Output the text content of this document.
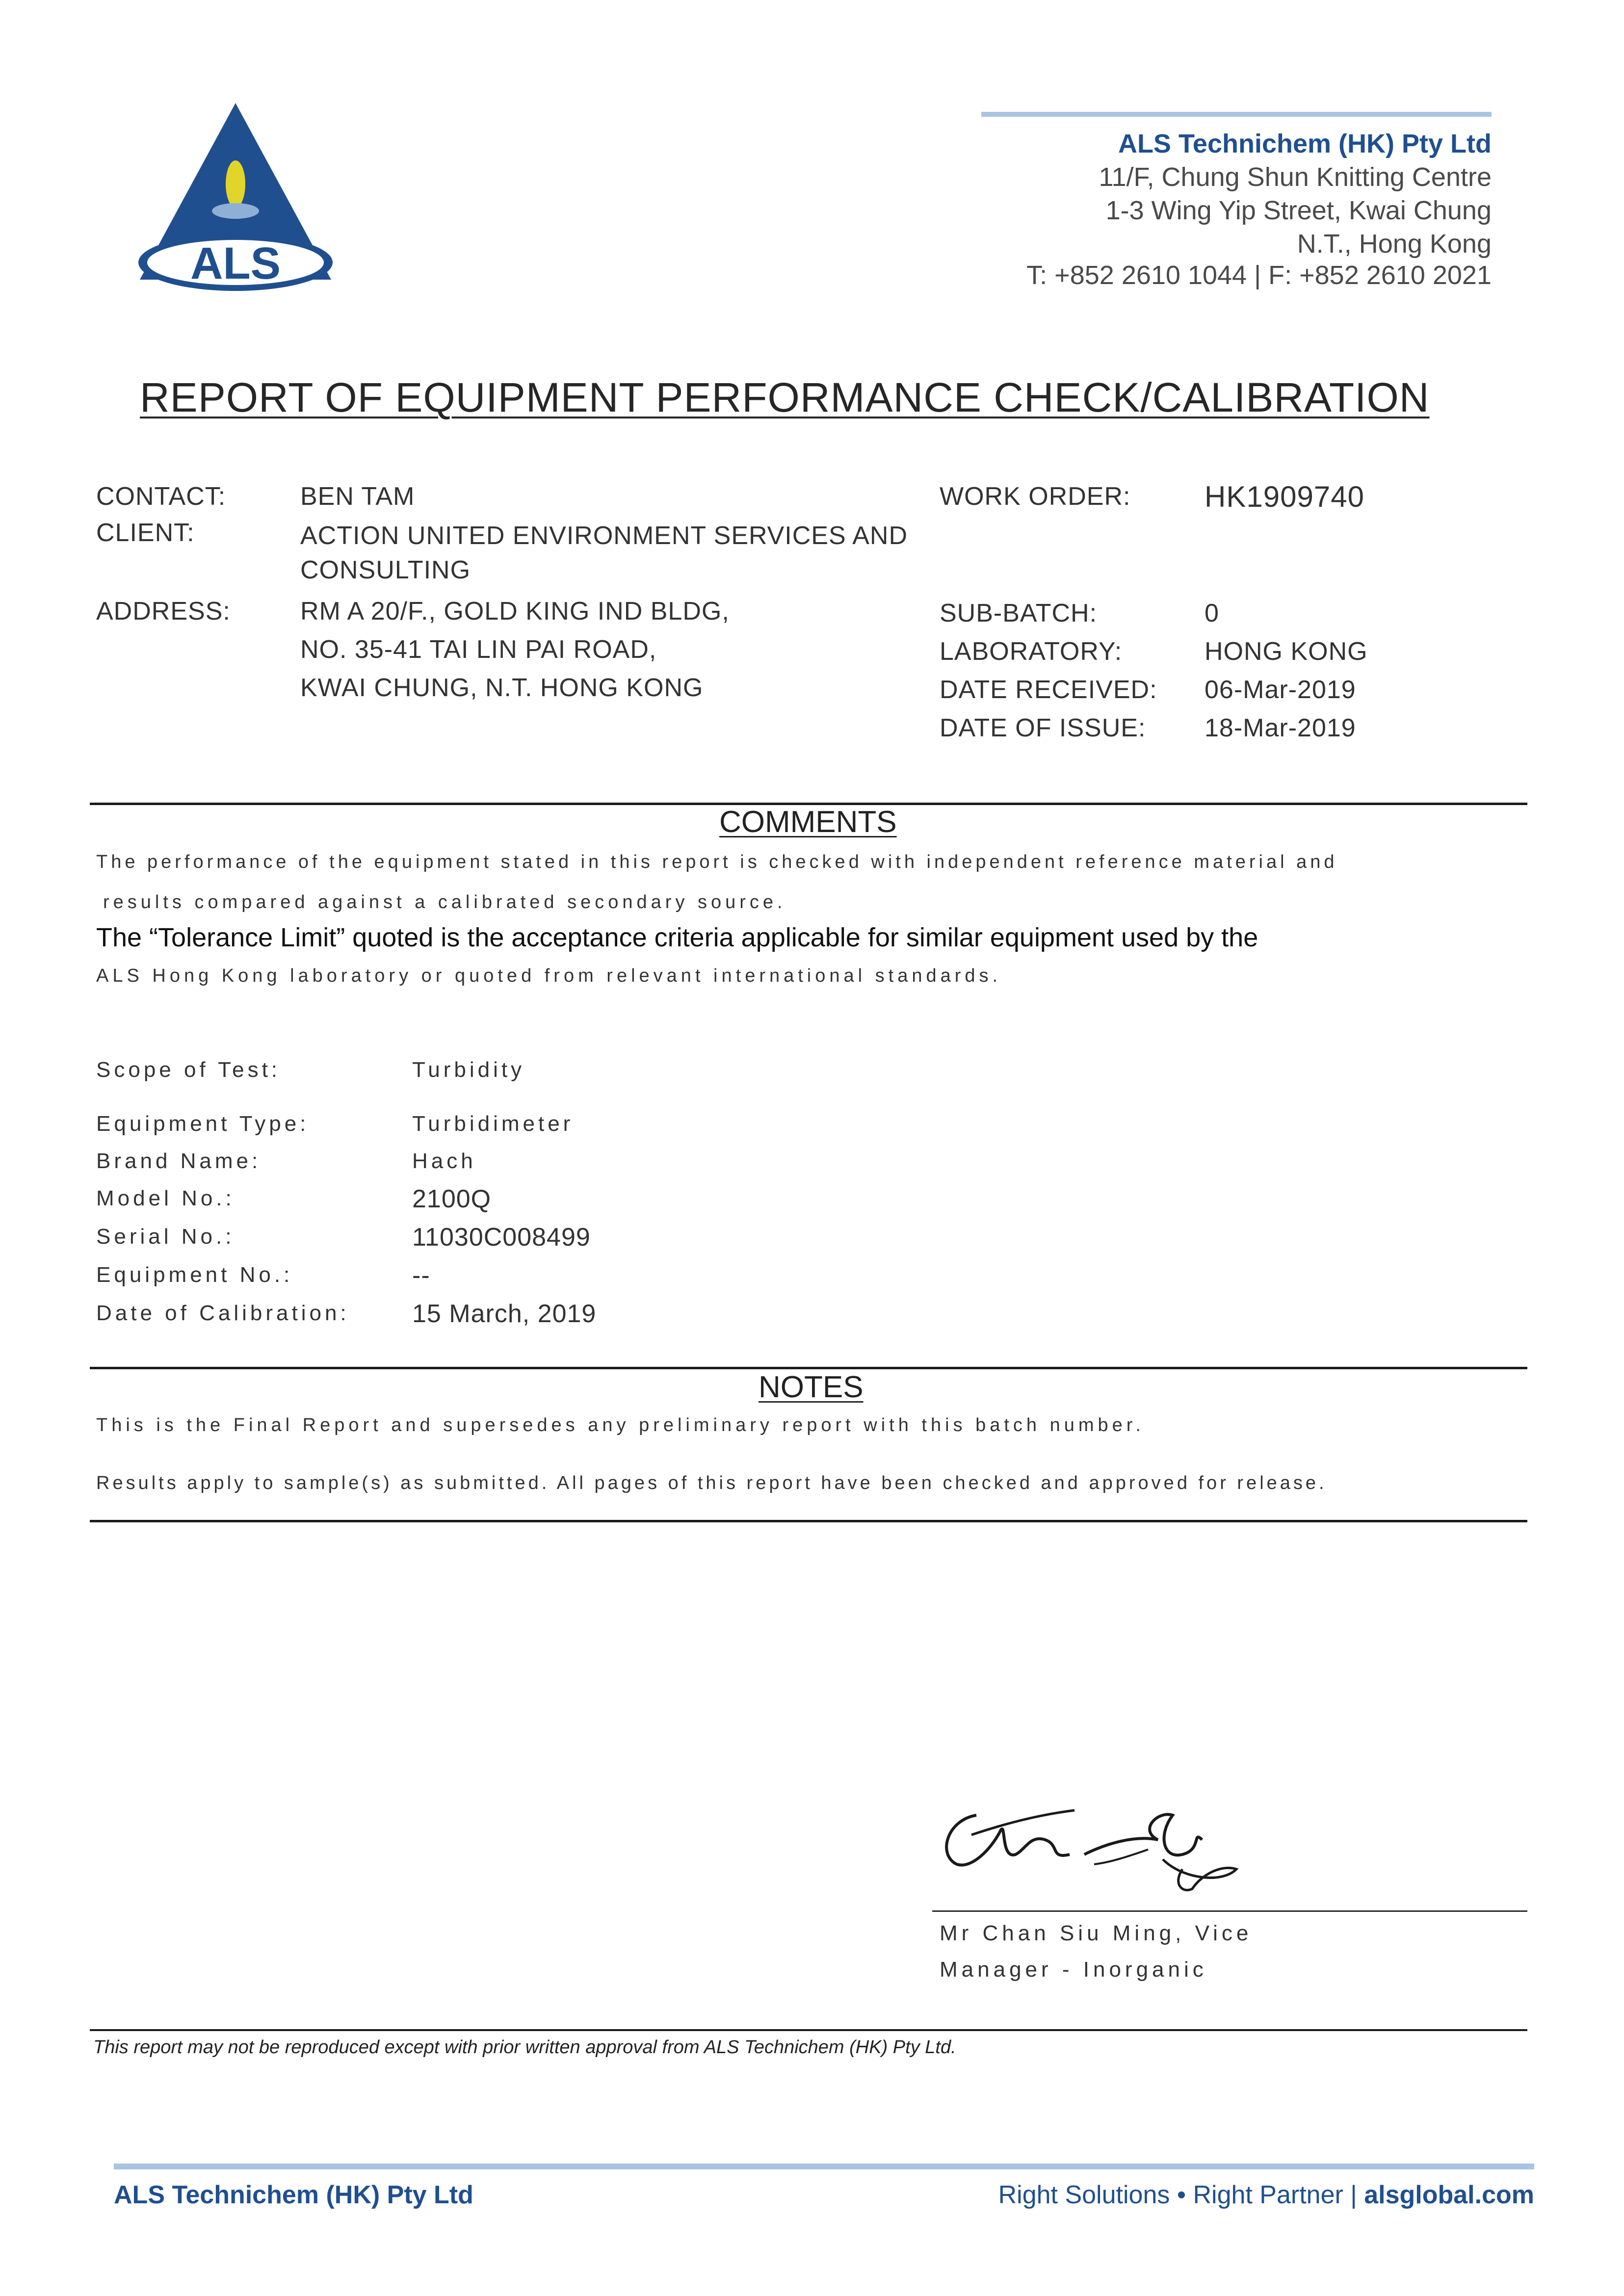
ALS
ALS Technichem (HK) Pty Ltd
11/F, Chung Shun Knitting Centre
1-3 Wing Yip Street, Kwai Chung
N.T., Hong Kong
T: +852 2610 1044 | F: +852 2610 2021
REPORT OF EQUIPMENT PERFORMANCE CHECK/CALIBRATION
CONTACT:	BEN TAM
CLIENT:	ACTION UNITED ENVIRONMENT SERVICES AND
CONSULTING
ADDRESS:	RM A 20/F., GOLD KING IND BLDG,
NO. 35-41 TAI LIN PAI ROAD,
KWAI CHUNG, N.T. HONG KONG
WORK ORDER:	HK1909740
SUB-BATCH:	0
LABORATORY:	HONG KONG
DATE RECEIVED: 06-Mar-2019
DATE OF ISSUE: 18-Mar-2019
COMMENTS
The performance of the equipment stated in this report is checked with independent reference material and
results compared against a calibrated secondary source.
The “Tolerance Limit” quoted is the acceptance criteria applicable for similar equipment used by the
ALS Hong Kong laboratory or quoted from relevant international standards.
Scope of Test:	Turbidity
Equipment Type:	Turbidimeter
Brand Name:	Hach
Model No.:	2100Q
Serial No.:	11030C008499
Equipment No.:	--
Date of Calibration: 15 March, 2019
NOTES
This is the Final Report and supersedes any preliminary report with this batch number.
Results apply to sample(s) as submitted. All pages of this report have been checked and approved for release.
Mr Chan Siu Ming, Vice
Manager - Inorganic
This report may not be reproduced except with prior written approval from ALS Technichem (HK) Pty Ltd.
ALS Technichem (HK) Pty Ltd	Right Solutions • Right Partner | alsglobal.com
